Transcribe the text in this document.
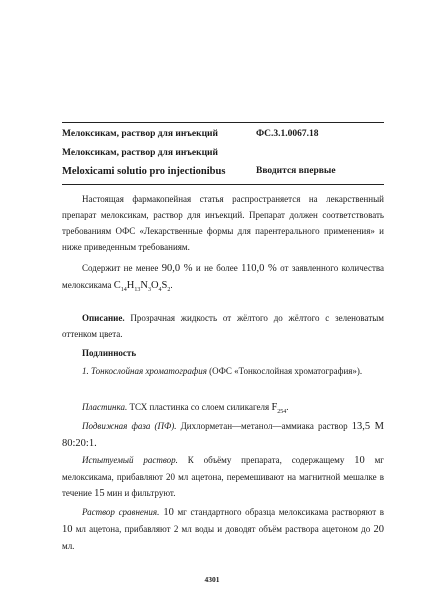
Мелоксикам, раствор для инъекций	ФС.3.1.0067.18
Мелоксикам, раствор для инъекций
Meloxicami solutio pro injectionibus	Вводится впервые
Настоящая фармакопейная статья распространяется на лекарственный препарат мелоксикам, раствор для инъекций. Препарат должен соответствовать требованиям ОФС «Лекарственные формы для парентерального применения» и ниже приведенным требованиям.
Содержит не менее 90,0 % и не более 110,0 % от заявленного количества мелоксикама $C_{14}H_{13}N_3O_4S_2$.
Описание. Прозрачная жидкость от жёлтого до жёлтого с зеленоватым оттенком цвета.
Подлинность
1. Тонкослойная хроматография (ОФС «Тонкослойная хроматография»).
Пластинка. ТСХ пластинка со слоем силикагеля $F_{254}$.
Подвижная фаза (ПФ). Дихлорметан—метанол—аммиака раствор 13,5 М 80:20:1.
Испытуемый раствор. К объёму препарата, содержащему 10 мг мелоксикама, прибавляют 20 мл ацетона, перемешивают на магнитной мешалке в течение 15 мин и фильтруют.
Раствор сравнения. 10 мг стандартного образца мелоксикама растворяют в 10 мл ацетона, прибавляют 2 мл воды и доводят объём раствора ацетоном до 20 мл.
4301
